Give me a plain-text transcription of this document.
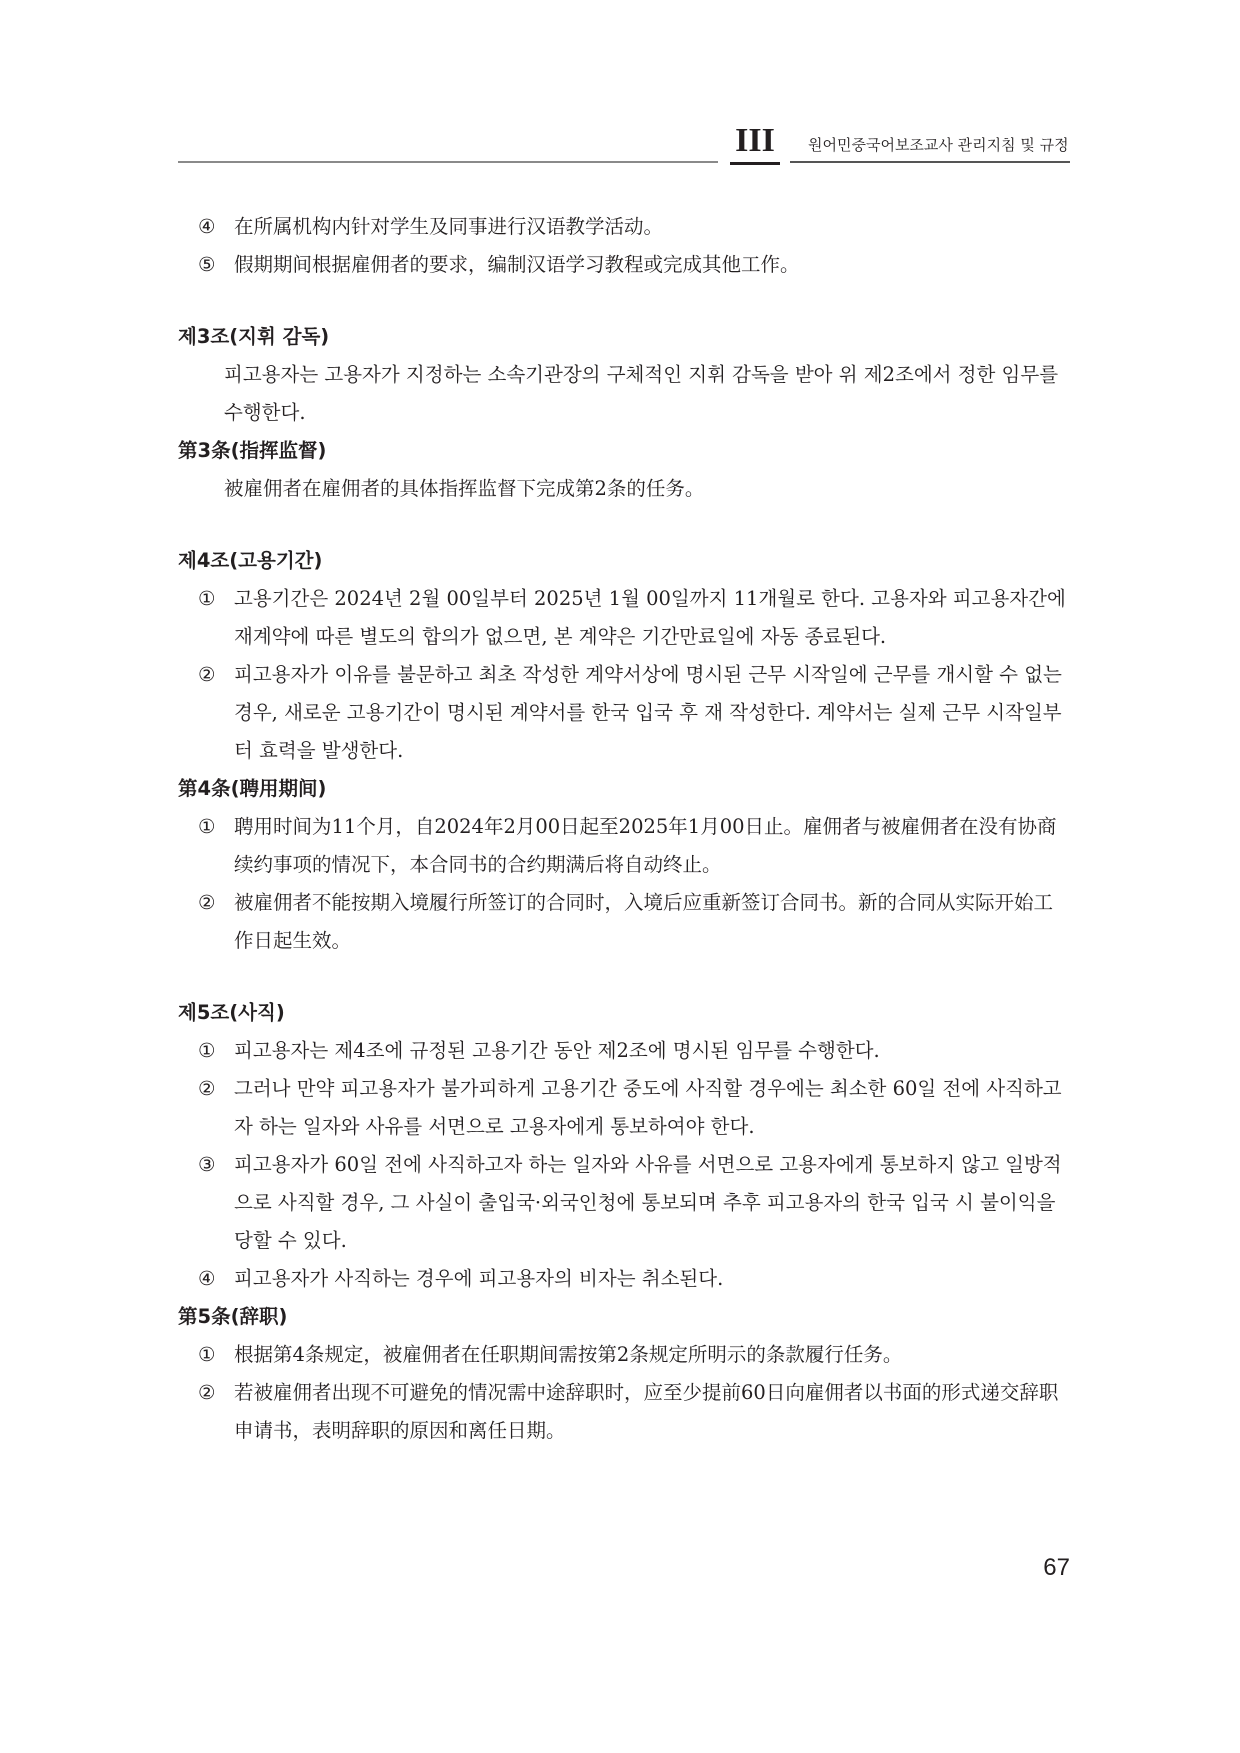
III	원어민중국어보조교사 관리지침 및 규정
④ 在所属机构内针对学生及同事进行汉语教学活动。
⑤ 假期期间根据雇佣者的要求，编制汉语学习教程或完成其他工作。
제3조(지휘 감독)
피고용자는 고용자가 지정하는 소속기관장의 구체적인 지휘 감독을 받아 위 제2조에서 정한 임무를 수행한다.
第3条(指挥监督)
被雇佣者在雇佣者的具体指挥监督下完成第2条的任务。
제4조(고용기간)
① 고용기간은 2024년 2월 00일부터 2025년 1월 00일까지 11개월로 한다. 고용자와 피고용자간에 재계약에 따른 별도의 합의가 없으면, 본 계약은 기간만료일에 자동 종료된다.
② 피고용자가 이유를 불문하고 최초 작성한 계약서상에 명시된 근무 시작일에 근무를 개시할 수 없는 경우, 새로운 고용기간이 명시된 계약서를 한국 입국 후 재 작성한다. 계약서는 실제 근무 시작일부터 효력을 발생한다.
第4条(聘用期间)
① 聘用时间为11个月，自2024年2月00日起至2025年1月00日止。雇佣者与被雇佣者在没有协商续约事项的情况下，本合同书的合约期满后将自动终止。
② 被雇佣者不能按期入境履行所签订的合同时，入境后应重新签订合同书。新的合同从实际开始工作日起生效。
제5조(사직)
① 피고용자는 제4조에 규정된 고용기간 동안 제2조에 명시된 임무를 수행한다.
② 그러나 만약 피고용자가 불가피하게 고용기간 중도에 사직할 경우에는 최소한 60일 전에 사직하고자 하는 일자와 사유를 서면으로 고용자에게 통보하여야 한다.
③ 피고용자가 60일 전에 사직하고자 하는 일자와 사유를 서면으로 고용자에게 통보하지 않고 일방적으로 사직할 경우, 그 사실이 출입국·외국인청에 통보되며 추후 피고용자의 한국 입국 시 불이익을 당할 수 있다.
④ 피고용자가 사직하는 경우에 피고용자의 비자는 취소된다.
第5条(辞职)
① 根据第4条规定，被雇佣者在任职期间需按第2条规定所明示的条款履行任务。
② 若被雇佣者出现不可避免的情况需中途辞职时，应至少提前60日向雇佣者以书面的形式递交辞职申请书，表明辞职的原因和离任日期。
67
